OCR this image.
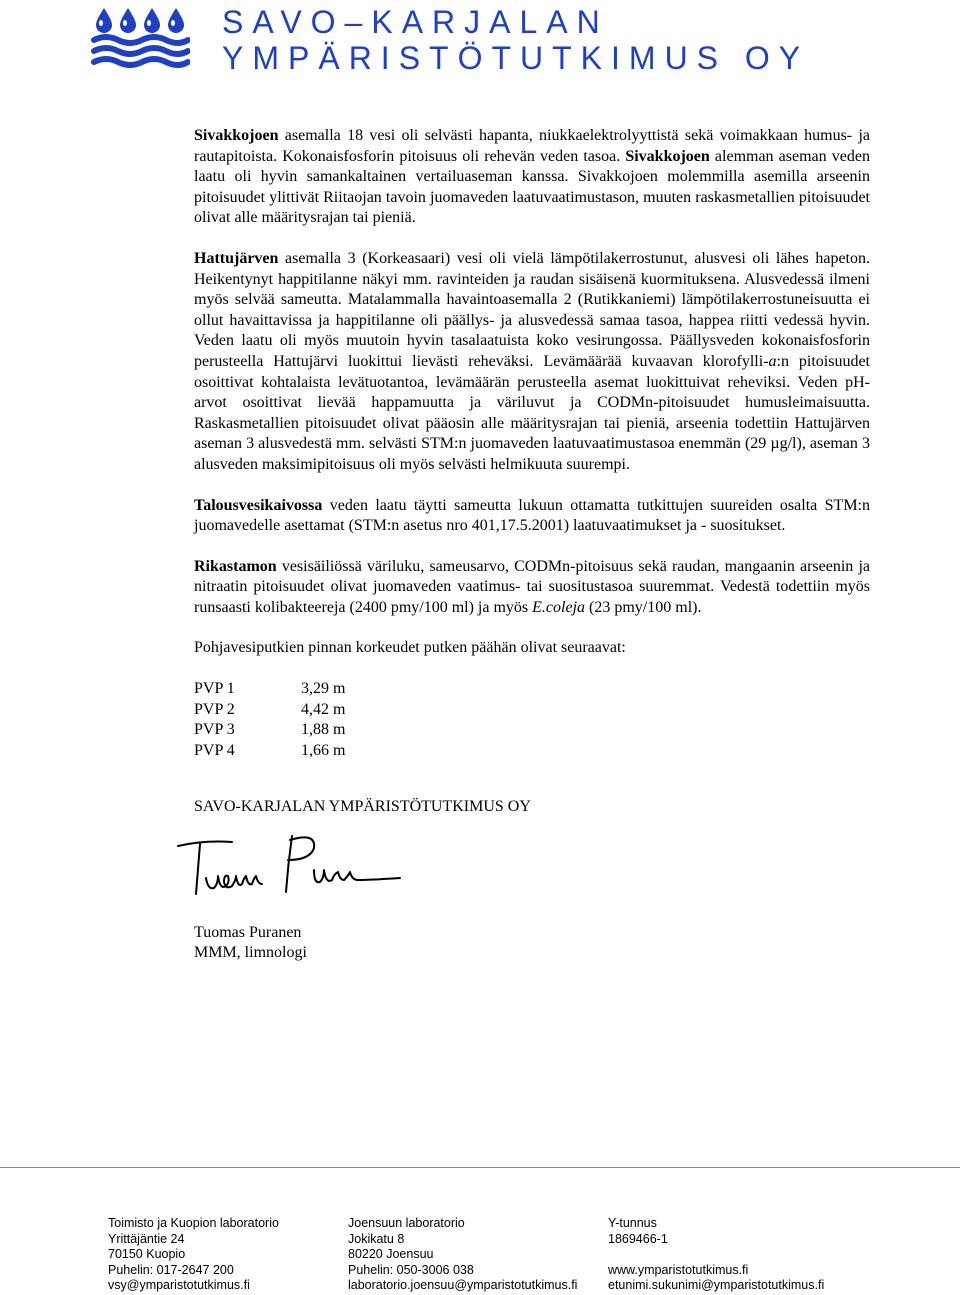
SAVO–KARJALAN
YMPÄRISTÖTUTKIMUS OY

Sivakkojoen asemalla 18 vesi oli selvästi hapanta, niukkaelektrolyyttistä sekä voimakkaan humus- ja rautapitoista. Kokonaisfosforin pitoisuus oli rehevän veden tasoa. Sivakkojoen alemman aseman veden laatu oli hyvin samankaltainen vertailuaseman kanssa. Sivakkojoen molemmilla asemilla arseenin pitoisuudet ylittivät Riitaojan tavoin juomaveden laatuvaatimustason, muuten raskasmetallien pitoisuudet olivat alle määritysrajan tai pieniä.

Hattujärven asemalla 3 (Korkeasaari) vesi oli vielä lämpötilakerrostunut, alusvesi oli lähes hapeton. Heikentynyt happitilanne näkyi mm. ravinteiden ja raudan sisäisenä kuormituksena. Alusvedessä ilmeni myös selvää sameutta. Matalammalla havaintoasemalla 2 (Rutikkaniemi) lämpötilakerrostuneisuutta ei ollut havaittavissa ja happitilanne oli päällys- ja alusvedessä samaa tasoa, happea riitti vedessä hyvin. Veden laatu oli myös muutoin hyvin tasalaatuista koko vesirungossa. Päällysveden kokonaisfosforin perusteella Hattujärvi luokittui lievästi reheväksi. Levämäärää kuvaavan klorofylli-a:n pitoisuudet osoittivat kohtalaista levätuotantoa, levämäärän perusteella asemat luokittuivat reheviksi. Veden pH-arvot osoittivat lievää happamuutta ja väriluvut ja CODMn-pitoisuudet humusleimaisuutta. Raskasmetallien pitoisuudet olivat pääosin alle määritysrajan tai pieniä, arseenia todettiin Hattujärven aseman 3 alusvedestä mm. selvästi STM:n juomaveden laatuvaatimustasoa enemmän (29 µg/l), aseman 3 alusveden maksimipitoisuus oli myös selvästi helmikuuta suurempi.

Talousvesikaivossa veden laatu täytti sameutta lukuun ottamatta tutkittujen suureiden osalta STM:n juomavedelle asettamat (STM:n asetus nro 401,17.5.2001) laatuvaatimukset ja - suositukset.

Rikastamon vesisäiliössä väriluku, sameusarvo, CODMn-pitoisuus sekä raudan, mangaanin arseenin ja nitraatin pitoisuudet olivat juomaveden vaatimus- tai suositustasoa suuremmat. Vedestä todettiin myös runsaasti kolibakteereja (2400 pmy/100 ml) ja myös E.coleja (23 pmy/100 ml).

Pohjavesiputkien pinnan korkeudet putken päähän olivat seuraavat:

PVP 1	3,29 m
PVP 2	4,42 m
PVP 3	1,88 m
PVP 4	1,66 m
SAVO-KARJALAN YMPÄRISTÖTUTKIMUS OY
Tuomas Puranen
MMM, limnologi
Toimisto ja Kuopion laboratorio
Yrittäjäntie 24
70150 Kuopio
Puhelin: 017-2647 200
vsy@ymparistotutkimus.fi
Joensuun laboratorio
Jokikatu 8
80220 Joensuu
Puhelin: 050-3006 038
laboratorio.joensuu@ymparistotutkimus.fi
Y-tunnus
1869466-1

www.ymparistotutkimus.fi
etunimi.sukunimi@ymparistotutkimus.fi
